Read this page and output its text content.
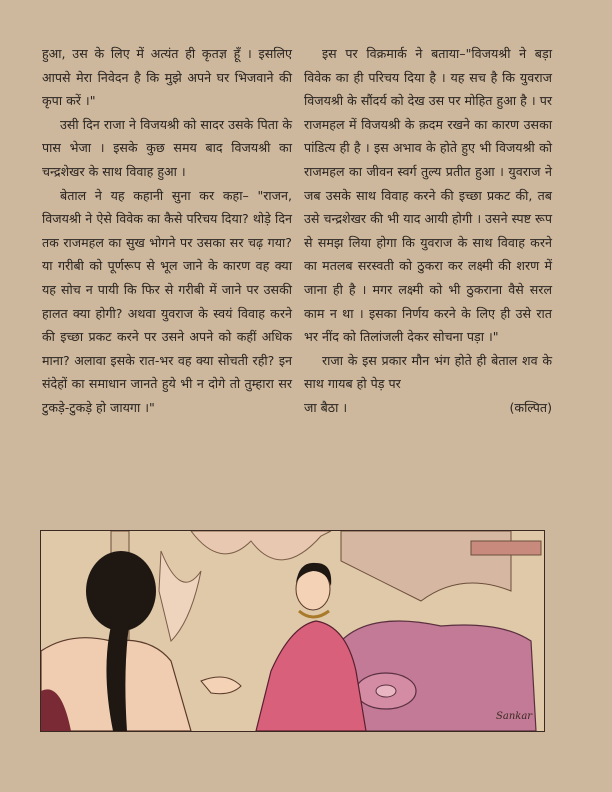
हुआ, उस के लिए में अत्यंत ही कृतज्ञ हूँ । इसलिए आपसे मेरा निवेदन है कि मुझे अपने घर भिजवाने की कृपा करें ।"

उसी दिन राजा ने विजयश्री को सादर उसके पिता के पास भेजा । इसके कुछ समय बाद विजयश्री का चन्द्रशेखर के साथ विवाह हुआ ।

बेताल ने यह कहानी सुना कर कहा– "राजन, विजयश्री ने ऐसे विवेक का कैसे परिचय दिया? थोड़े दिन तक राजमहल का सुख भोगने पर उसका सर चढ़ गया? या गरीबी को पूर्णरूप से भूल जाने के कारण वह क्या यह सोच न पायी कि फिर से गरीबी में जाने पर उसकी हालत क्या होगी? अथवा युवराज के स्वयं विवाह करने की इच्छा प्रकट करने पर उसने अपने को कहीं अधिक माना? अलावा इसके रात-भर वह क्या सोचती रही? इन संदेहों का समाधान जानते हुये भी न दोगे तो तुम्हारा सर टुकड़े-टुकड़े हो जायगा ।"

इस पर विक्रमार्क ने बताया–"विजयश्री ने बड़ा विवेक का ही परिचय दिया है । यह सच है कि युवराज विजयश्री के सौंदर्य को देख उस पर मोहित हुआ है । पर राजमहल में विजयश्री के क़दम रखने का कारण उसका पांडित्य ही है । इस अभाव के होते हुए भी विजयश्री को राजमहल का जीवन स्वर्ग तुल्य प्रतीत हुआ । युवराज ने जब उसके साथ विवाह करने की इच्छा प्रकट की, तब उसे चन्द्रशेखर की भी याद आयी होगी । उसने स्पष्ट रूप से समझ लिया होगा कि युवराज के साथ विवाह करने का मतलब सरस्वती को ठुकरा कर लक्ष्मी की शरण में जाना ही है । मगर लक्ष्मी को भी ठुकराना वैसे सरल काम न था । इसका निर्णय करने के लिए ही उसे रात भर नींद को तिलांजली देकर सोचना पड़ा ।"

राजा के इस प्रकार मौन भंग होते ही बेताल शव के साथ गायब हो पेड़ पर

जा बैठा ।	(कल्पित)
Sankar
